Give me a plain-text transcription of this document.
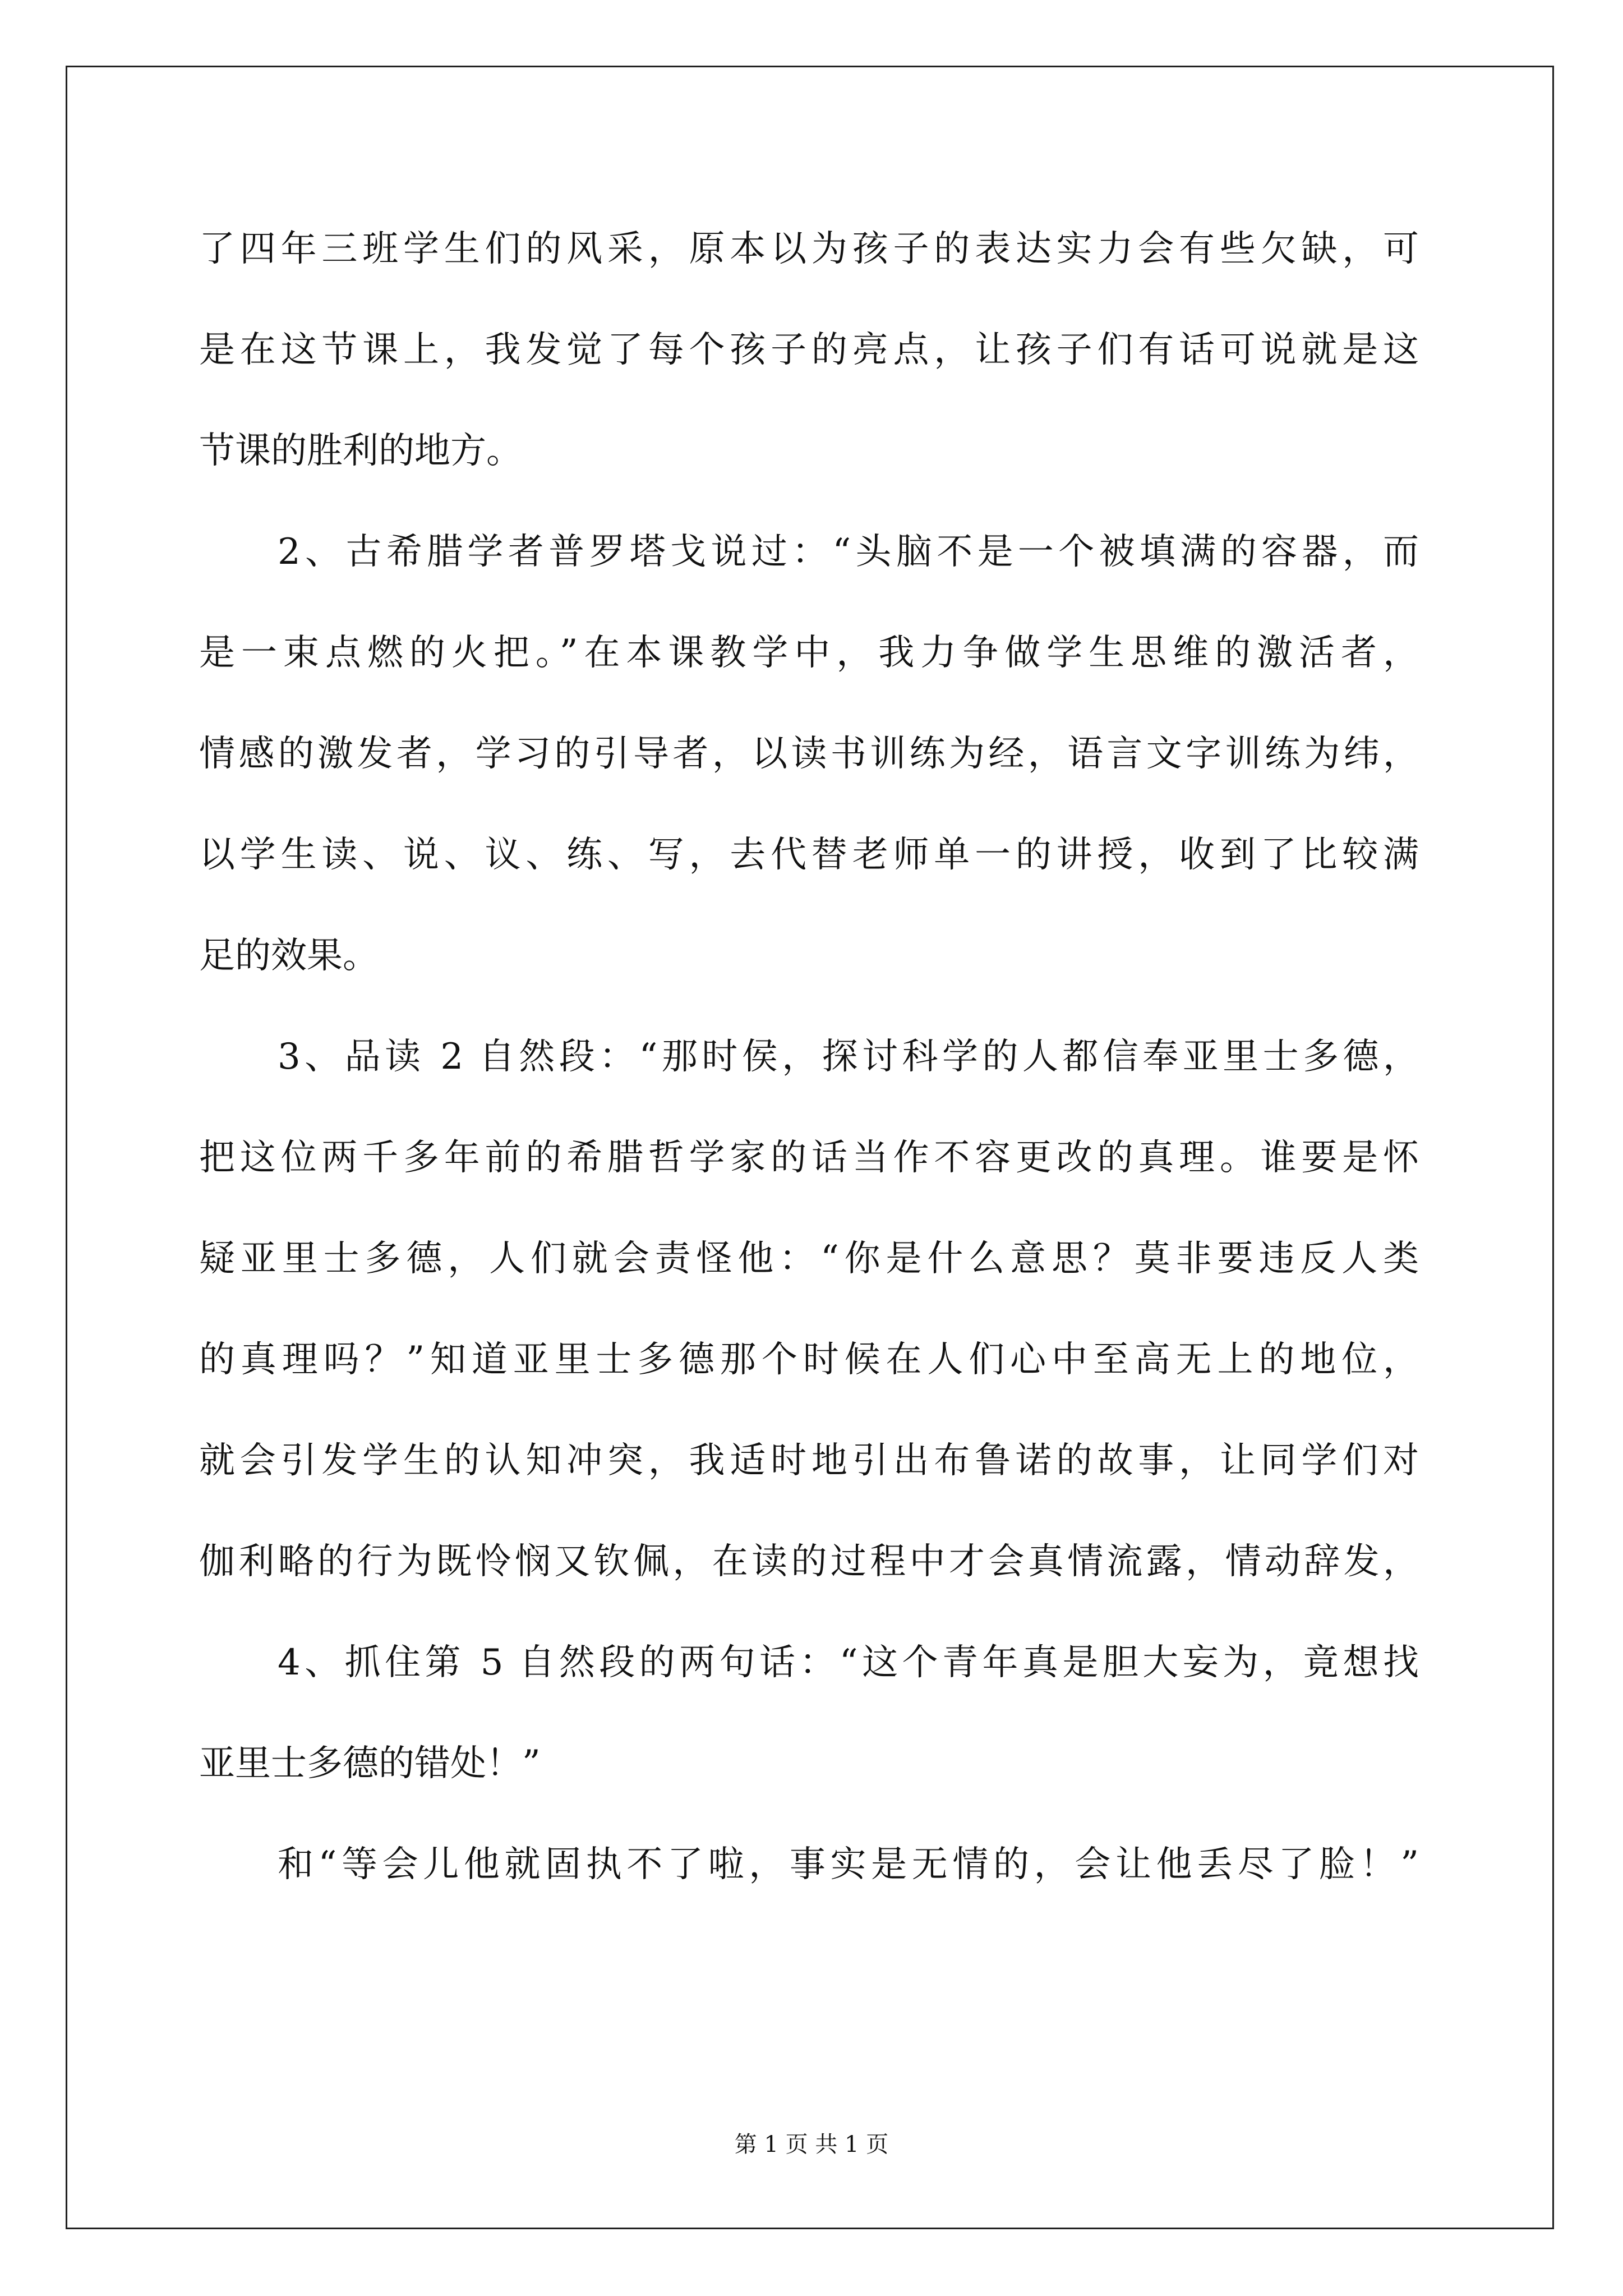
了四年三班学生们的风采，原本以为孩子的表达实力会有些欠缺，可
是在这节课上，我发觉了每个孩子的亮点，让孩子们有话可说就是这
节课的胜利的地方。
2、古希腊学者普罗塔戈说过：“头脑不是一个被填满的容器，而
是一束点燃的火把。”在本课教学中，我力争做学生思维的激活者，
情感的激发者，学习的引导者，以读书训练为经，语言文字训练为纬，
以学生读、说、议、练、写，去代替老师单一的讲授，收到了比较满
足的效果。
3、品读 2 自然段：“那时侯，探讨科学的人都信奉亚里士多德，
把这位两千多年前的希腊哲学家的话当作不容更改的真理。谁要是怀
疑亚里士多德，人们就会责怪他：“你是什么意思？莫非要违反人类
的真理吗？”知道亚里士多德那个时候在人们心中至高无上的地位，
就会引发学生的认知冲突，我适时地引出布鲁诺的故事，让同学们对
伽利略的行为既怜悯又钦佩，在读的过程中才会真情流露，情动辞发，
4、抓住第 5 自然段的两句话：“这个青年真是胆大妄为，竟想找
亚里士多德的错处！”
和“等会儿他就固执不了啦，事实是无情的，会让他丢尽了脸！”
第 1 页 共 1 页
